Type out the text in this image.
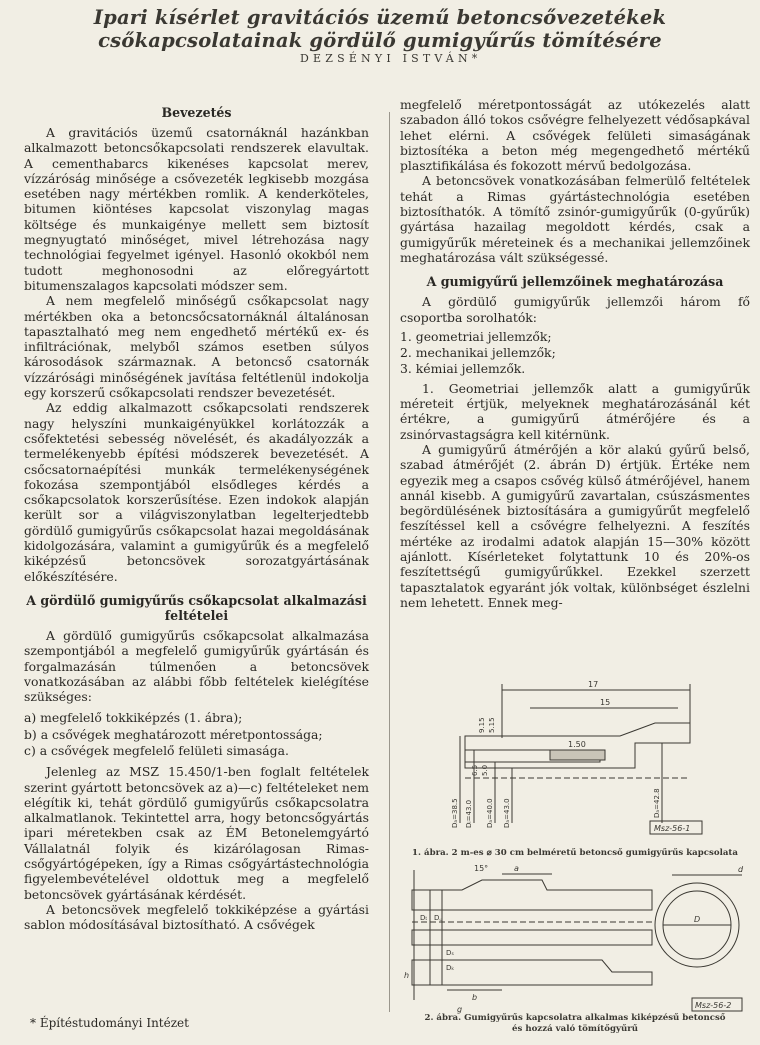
Ipari kísérlet gravitációs üzemű betoncsővezetékek
csőkapcsolatainak gördülő gumigyűrűs tömítésére
DEZSÉNYI ISTVÁN*

Bevezetés

A gravitációs üzemű csatornáknál hazánkban alkalmazott betoncsőkapcsolati rendszerek elavultak. A cementhabarcs kikenéses kapcsolat merev, vízzáróság minősége a csővezeték legkisebb mozgása esetében nagy mértékben romlik. A kenderköteles, bitumen kiöntéses kapcsolat viszonylag magas költsége és munkaigénye mellett sem biztosít megnyugtató minőséget, mivel létrehozása nagy technológiai fegyelmet igényel. Hasonló okokból nem tudott meghonosodni az előregyártott bitumenszalagos kapcsolati módszer sem.

A nem megfelelő minőségű csőkapcsolat nagy mértékben oka a betoncsőcsatornáknál általánosan tapasztalható meg nem engedhető mértékű ex- és infiltrációnak, melyből számos esetben súlyos károsodások származnak. A betoncső csatornák vízzárósági minőségének javítása feltétlenül indokolja egy korszerű csőkapcsolati rendszer bevezetését.

Az eddig alkalmazott csőkapcsolati rendszerek nagy helyszíni munkaigényükkel korlátozzák a csőfektetési sebesség növelését, és akadályozzák a termelékenyebb építési módszerek bevezetését. A csőcsatornaépítési munkák termelékenységének fokozása szempontjából elsődleges kérdés a csőkapcsolatok korszerűsítése. Ezen indokok alapján került sor a világviszonylatban legelterjedtebb gördülő gumigyűrűs csőkapcsolat hazai megoldásának kidolgozására, valamint a gumigyűrűk és a megfelelő kiképzésű betoncsövek sorozatgyártásának előkészítésére.

A gördülő gumigyűrűs csőkapcsolat alkalmazási feltételei

A gördülő gumigyűrűs csőkapcsolat alkalmazása szempontjából a megfelelő gumigyűrűk gyártásán és forgalmazásán túlmenően a betoncsövek vonatkozásában az alábbi főbb feltételek kielégítése szükséges:

a) megfelelő tokkiképzés (1. ábra);

b) a csővégek meghatározott méretpontossága;

c) a csővégek megfelelő felületi simasága.

Jelenleg az MSZ 15.450/1-ben foglalt feltételek szerint gyártott betoncsövek az a)—c) feltételeket nem elégítik ki, tehát gördülő gumigyűrűs csőkapcsolatra alkalmatlanok. Tekintettel arra, hogy betoncsőgyártás ipari méretekben csak az ÉM Betonelemgyártó Vállalatnál folyik és kizárólagosan Rimas-csőgyártógépeken, így a Rimas csőgyártástechnológia figyelembevételével oldottuk meg a megfelelő betoncsövek gyártásának kérdését.

A betoncsövek megfelelő tokkiképzése a gyártási sablon módosításával biztosítható. A csővégek

* Építéstudományi Intézet

megfelelő méretpontosságát az utókezelés alatt szabadon álló tokos csővégre felhelyezett védősapkával lehet elérni. A csővégek felületi simaságának biztosítéka a beton még megengedhető mértékű plasztifikálása és fokozott mérvű bedolgozása.

A betoncsövek vonatkozásában felmerülő feltételek tehát a Rimas gyártástechnológia esetében biztosíthatók. A tömítő zsinór-gumigyűrűk (0-gyűrűk) gyártása hazailag megoldott kérdés, csak a gumigyűrűk méreteinek és a mechanikai jellemzőinek meghatározása vált szükségessé.

A gumigyűrű jellemzőinek meghatározása

A gördülő gumigyűrűk jellemzői három fő csoportba sorolhatók:

1. geometriai jellemzők;

2. mechanikai jellemzők;

3. kémiai jellemzők.

1. Geometriai jellemzők alatt a gumigyűrűk méreteit értjük, melyeknek meghatározásánál két értékre, a gumigyűrű átmérőjére és a zsinórvastagságra kell kitérnünk.

A gumigyűrű átmérőjén a kör alakú gyűrű belső, szabad átmérőjét (2. ábrán D) értjük. Értéke nem egyezik meg a csapos csővég külső átmérőjével, hanem annál kisebb. A gumigyűrű zavartalan, csúszásmentes begördülésének biztosítására a gumigyűrűt megfelelő feszítéssel kell a csővégre felhelyezni. A feszítés mértéke az irodalmi adatok alapján 15—30% között ajánlott. Kísérleteket folytattunk 10 és 20%-os feszítettségű gumigyűrűkkel. Ezekkel szerzett tapasztalatok egyaránt jók voltak, különbséget észlelni nem lehetett. Ennek meg-

17
15
1.50
5.15
9.15
5.0
6.5
Dₐ=38.5 Dᵢ=43.0 Dₐ=40.0 Dₐ=43.0	Dₐ=42.8
Msz-56-1
1. ábra. 2 m-es ⌀ 30 cm belméretű betoncső gumigyűrűs kapcsolata
a
15°
b
g
h
Dₜ D꜀
Dₛ
Dₖ
D
d
Msz-56-2
2. ábra. Gumigyűrűs kapcsolatra alkalmas kiképzésű betoncső
és hozzá való tömítőgyűrű
